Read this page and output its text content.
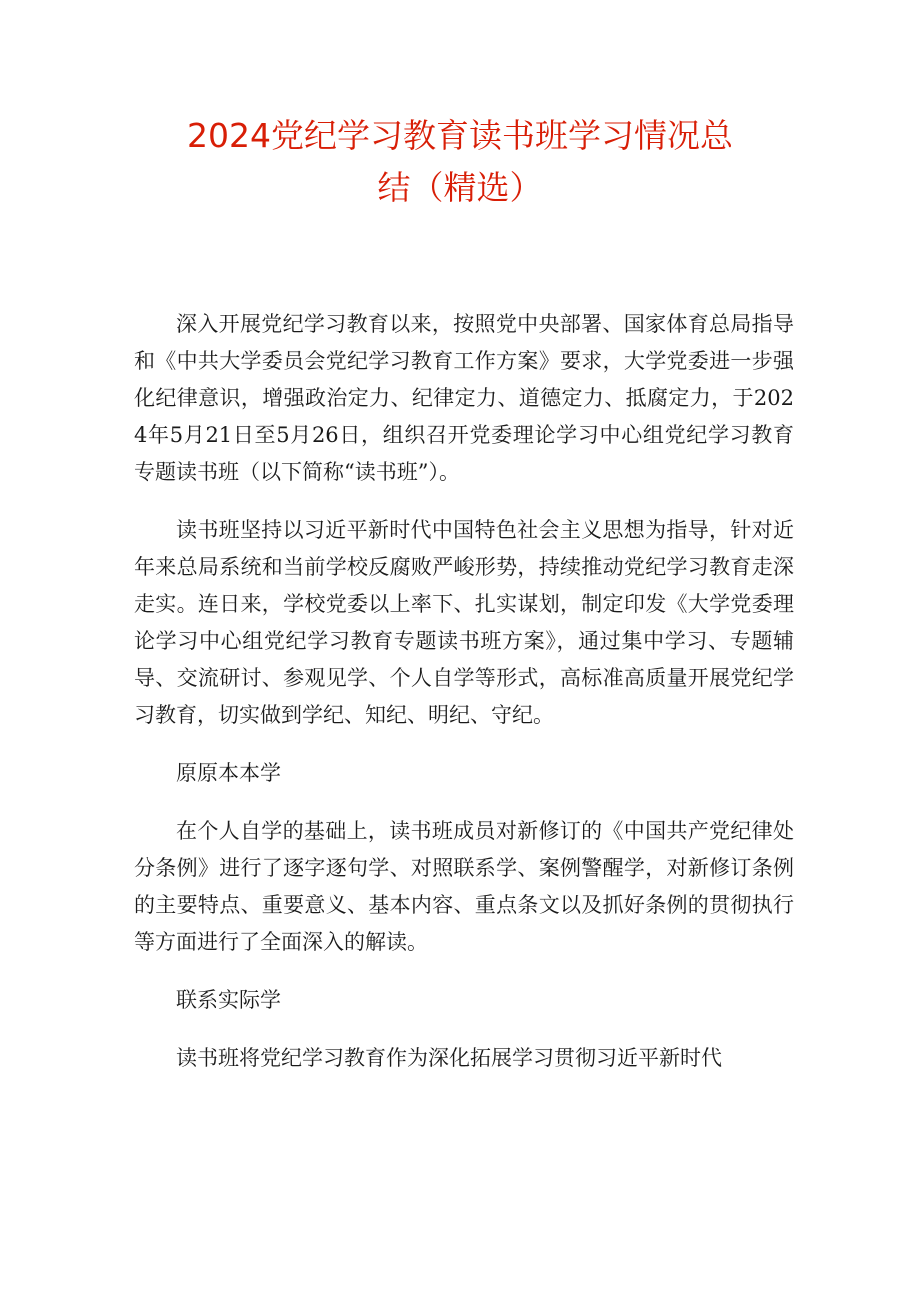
2024党纪学习教育读书班学习情况总
结（精选）

深入开展党纪学习教育以来，按照党中央部署、国家体育总局指导和《中共大学委员会党纪学习教育工作方案》要求，大学党委进一步强化纪律意识，增强政治定力、纪律定力、道德定力、抵腐定力，于2024年5月21日至5月26日，组织召开党委理论学习中心组党纪学习教育专题读书班（以下简称“读书班”）。

读书班坚持以习近平新时代中国特色社会主义思想为指导，针对近年来总局系统和当前学校反腐败严峻形势，持续推动党纪学习教育走深走实。连日来，学校党委以上率下、扎实谋划，制定印发《大学党委理论学习中心组党纪学习教育专题读书班方案》，通过集中学习、专题辅导、交流研讨、参观见学、个人自学等形式，高标准高质量开展党纪学习教育，切实做到学纪、知纪、明纪、守纪。

原原本本学

在个人自学的基础上，读书班成员对新修订的《中国共产党纪律处分条例》进行了逐字逐句学、对照联系学、案例警醒学，对新修订条例的主要特点、重要意义、基本内容、重点条文以及抓好条例的贯彻执行等方面进行了全面深入的解读。

联系实际学

读书班将党纪学习教育作为深化拓展学习贯彻习近平新时代
